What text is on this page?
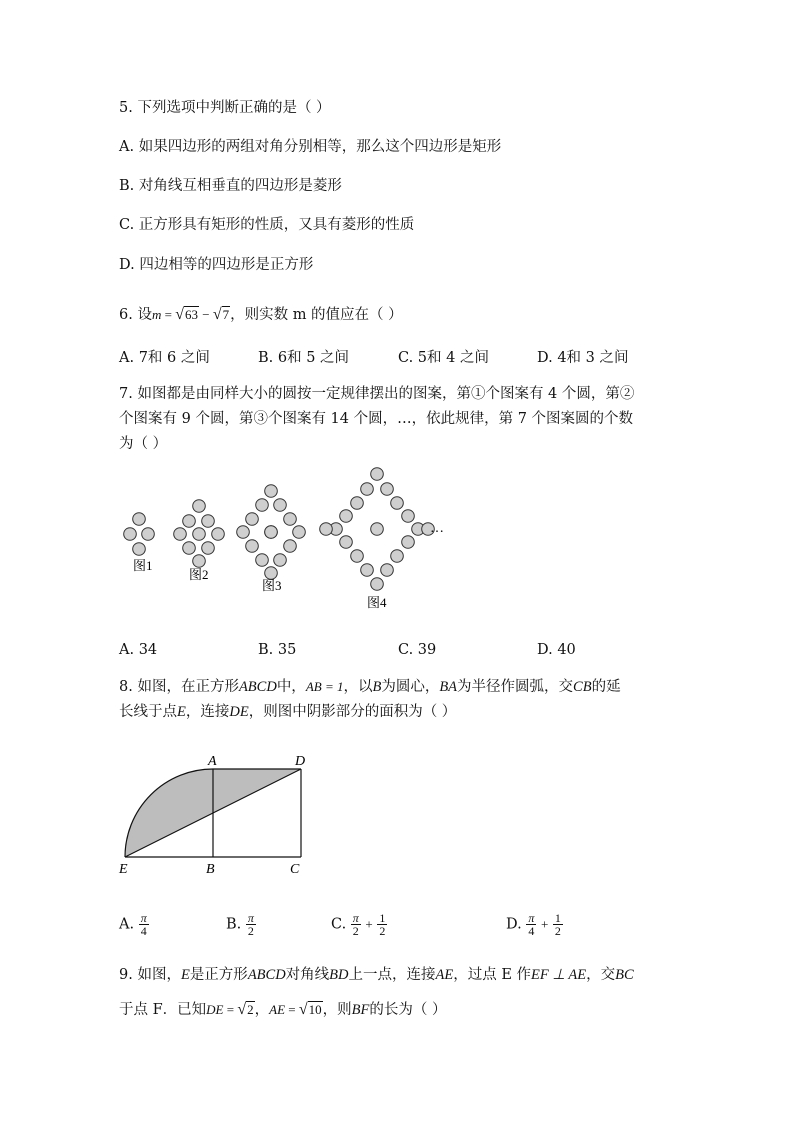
5. 下列选项中判断正确的是（ ）
A. 如果四边形的两组对角分别相等，那么这个四边形是矩形
B. 对角线互相垂直的四边形是菱形
C. 正方形具有矩形的性质，又具有菱形的性质
D. 四边相等的四边形是正方形
6. 设m = √63 − √7，则实数 m 的值应在（ ）
A. 7和 6 之间	B. 6和 5 之间	C. 5和 4 之间	D. 4和 3 之间
7. 如图都是由同样大小的圆按一定规律摆出的图案，第①个图案有 4 个圆，第②
个图案有 9 个圆，第③个图案有 14 个圆，…，依此规律，第 7 个图案圆的个数
为（ ）
图1
图2
图3
图4
…
A. 34	B. 35	C. 39	D. 40
8. 如图，在正方形ABCD中，AB = 1，以B为圆心，BA为半径作圆弧，交CB的延
长线于点E，连接DE，则图中阴影部分的面积为（ ）
A	D
E	B	C
A. $\frac{\pi}{4}$	B. $\frac{\pi}{2}$	C. $\frac{\pi}{2} + \frac{1}{2}$	D. $\frac{\pi}{4} + \frac{1}{2}$
9. 如图，E是正方形ABCD对角线BD上一点，连接AE，过点 E 作EF ⊥ AE，交BC
于点 F．已知DE = √2，AE = √10，则BF的长为（ ）
